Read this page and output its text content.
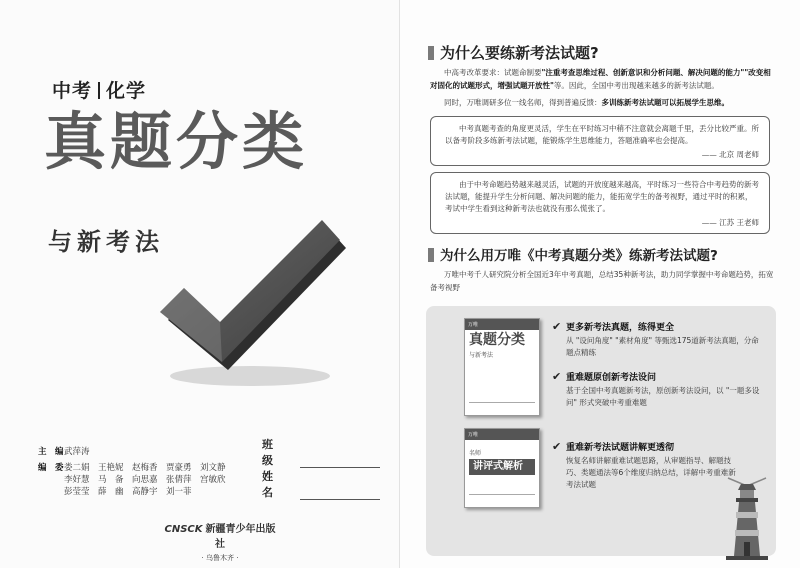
中考 化学
真题分类
与新考法
主　编 武萍涛
编　委 娄二娟 王艳妮 赵梅香 贾豪勇 刘文静
李好慧 马　备 向思嘉 张倩萍 宫敏欣
彭莹莹 薛　幽 高静宇 刘一菲
班　级
姓　名
CNSCK 新疆青少年出版社
· 乌鲁木齐 ·
为什么要练新考法试题?
中高考改革要求：试题命制要"注重考查思维过程、创新意识和分析问题、解决问题的能力""改变相对固化的试题形式，增强试题开放性"等。因此，全国中考出现越来越多的新考法试题。
同时，万唯调研多位一线名师，得到普遍反馈：多训练新考法试题可以拓展学生思维。
中考真题考查的角度更灵活，学生在平时练习中稍不注意就会离题千里，丢分比较严重。所以备考阶段多练新考法试题，能锻炼学生思维能力，答题准确率也会提高。
—— 北京 周老师
由于中考命题趋势越来越灵活，试题的开放度越来越高，平时练习一些符合中考趋势的新考法试题，能提升学生分析问题、解决问题的能力，能拓宽学生的备考视野，通过平时的积累，考试中学生看到这种新考法也就没有那么慌张了。
—— 江苏 王老师
为什么用万唯《中考真题分类》练新考法试题?
万唯中考千人研究院分析全国近3年中考真题，总结35种新考法，助力同学掌握中考命题趋势，拓宽备考视野
万唯
真题分类
与新考法
万唯
名师
讲评式解析
✔ 更多新考法真题，练得更全
从 "设问角度" "素材角度" 等甄选175道新考法真题，分命题点精练
✔ 重难题原创新考法设问
基于全国中考真题新考法，原创新考法设问，以 "一题多设问" 形式突破中考重难题
✔ 重难新考法试题讲解更透彻
恢复名师讲解重难试题思路，从审题指导、解题技巧、类题通法等6个维度归纳总结，详解中考重难新考法试题
